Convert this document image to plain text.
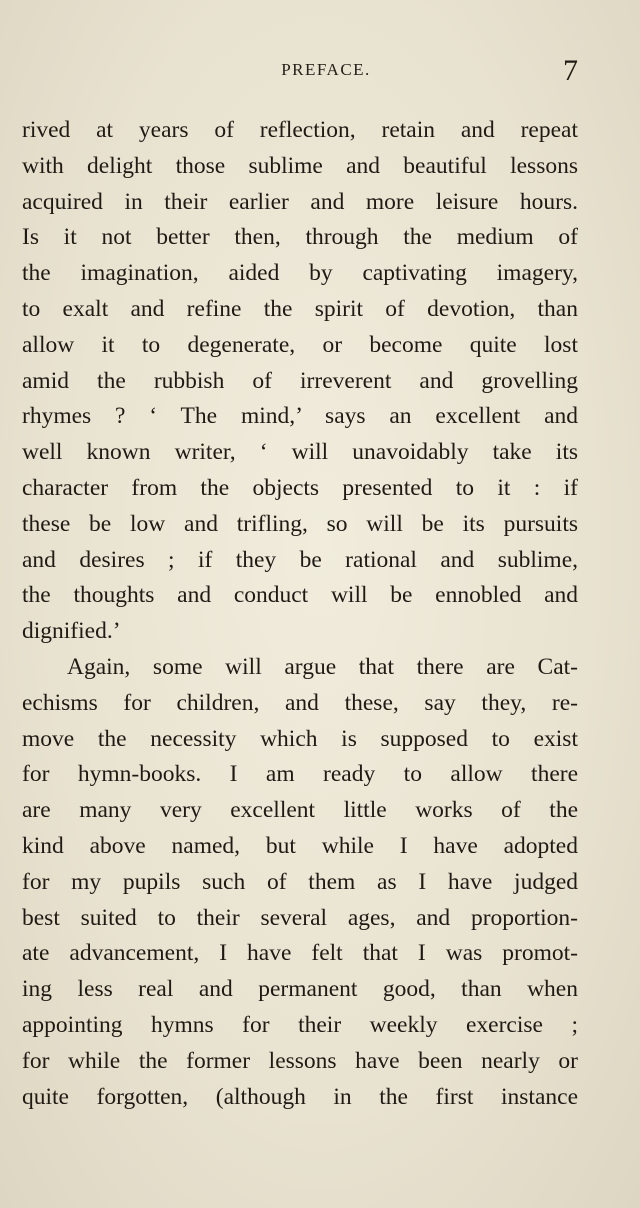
PREFACE.	7
rived at years of reflection, retain and repeat
with delight those sublime and beautiful lessons
acquired in their earlier and more leisure hours.
Is it not better then, through the medium of
the imagination, aided by captivating imagery,
to exalt and refine the spirit of devotion, than
allow it to degenerate, or become quite lost
amid the rubbish of irreverent and grovelling
rhymes ? ‘ The mind,’ says an excellent and
well known writer, ‘ will unavoidably take its
character from the objects presented to it : if
these be low and trifling, so will be its pursuits
and desires ; if they be rational and sublime,
the thoughts and conduct will be ennobled and
dignified.’
Again, some will argue that there are Cat-
echisms for children, and these, say they, re-
move the necessity which is supposed to exist
for hymn-books. I am ready to allow there
are many very excellent little works of the
kind above named, but while I have adopted
for my pupils such of them as I have judged
best suited to their several ages, and proportion-
ate advancement, I have felt that I was promot-
ing less real and permanent good, than when
appointing hymns for their weekly exercise ;
for while the former lessons have been nearly or
quite forgotten, (although in the first instance
